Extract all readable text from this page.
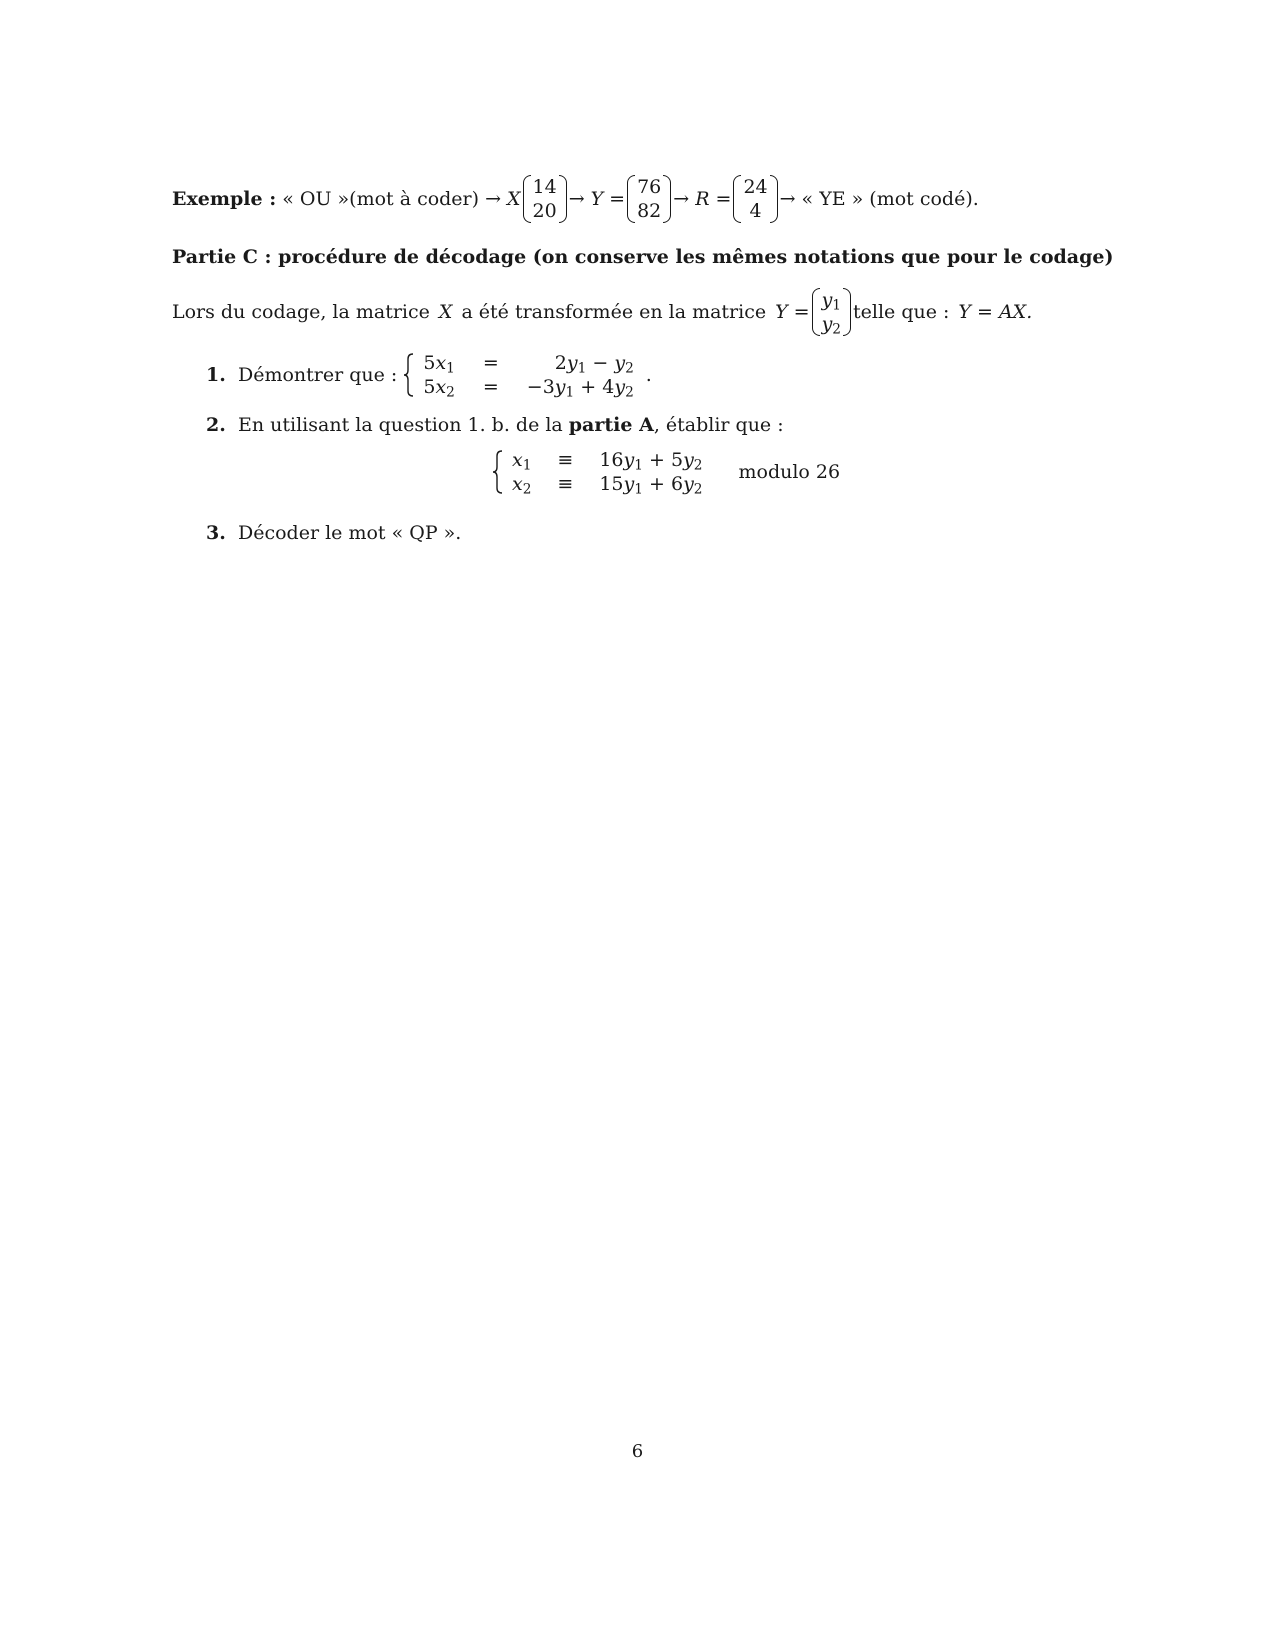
Exemple : « OU » (mot à coder) → X
14
20
→ Y =
76
82
→ R =
24
4
→ « YE » (mot codé).
Partie C : procédure de décodage (on conserve les mêmes notations que pour le codage)
Lors du codage, la matrice X a été transformée en la matrice Y =
$y_1$
$y_2$
telle que : Y = AX.
1. Démontrer que :
$5x_1$	=	$2y_1 - y_2$
$5x_2$	=	$-3y_1 + 4y_2$
.
2. En utilisant la question 1. b. de la partie A , établir que :
$x_1$	≡	$16y_1 + 5y_2$
$x_2$	≡	$15y_1 + 6y_2$
modulo 26
3. Décoder le mot « QP ».
6
